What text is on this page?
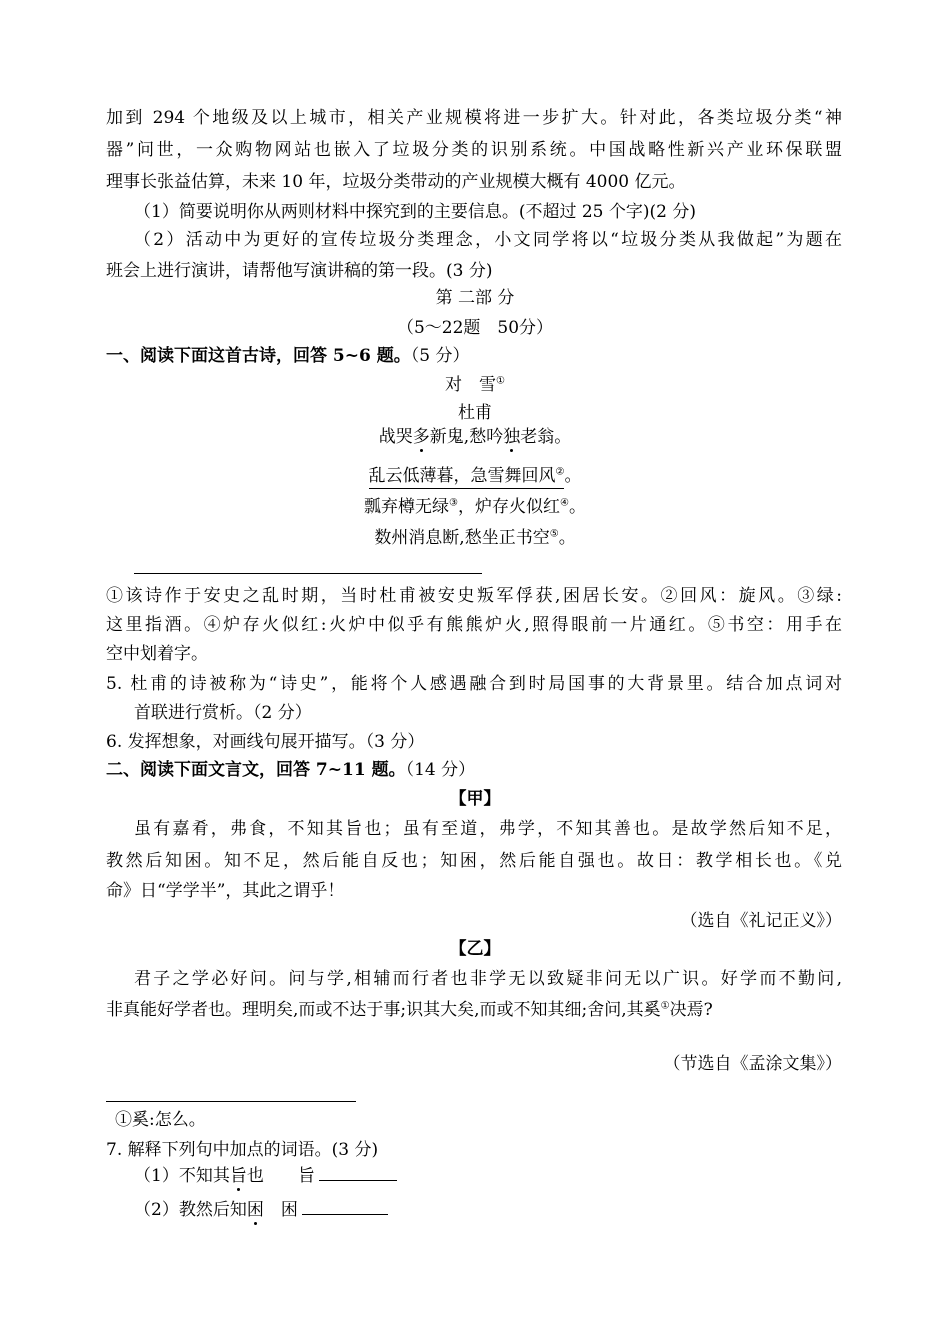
加到 294 个地级及以上城市，相关产业规模将进一步扩大。针对此，各类垃圾分类“神
器”问世，一众购物网站也嵌入了垃圾分类的识别系统。中国战略性新兴产业环保联盟
理事长张益估算，未来 10 年，垃圾分类带动的产业规模大概有 4000 亿元。
（1）简要说明你从两则材料中探究到的主要信息。(不超过 25 个字)(2 分)
（2）活动中为更好的宣传垃圾分类理念，小文同学将以“垃圾分类从我做起”为题在
班会上进行演讲，请帮他写演讲稿的第一段。(3 分)
第 二部 分
（5～22题　50分）
一、阅读下面这首古诗，回答 5~6 题。（5 分）
对　雪①
杜甫
战哭多新鬼,愁吟独老翁。
乱云低薄暮，急雪舞回风②。
瓢弃樽无绿③，炉存火似红④。
数州消息断,愁坐正书空⑤。
①该诗作于安史之乱时期，当时杜甫被安史叛军俘获,困居长安。②回风：旋风。③绿:
这里指酒。④炉存火似红:火炉中似乎有熊熊炉火,照得眼前一片通红。⑤书空：用手在
空中划着字。
5. 杜甫的诗被称为“诗史”，能将个人感遇融合到时局国事的大背景里。结合加点词对
首联进行赏析。（2 分）
6. 发挥想象，对画线句展开描写。（3 分）
二、阅读下面文言文，回答 7~11 题。（14 分）
【甲】
虽有嘉肴，弗食，不知其旨也；虽有至道，弗学，不知其善也。是故学然后知不足，
教然后知困。知不足，然后能自反也；知困，然后能自强也。故日：教学相长也。《兑
命》日“学学半”，其此之谓乎！
（选自《礼记正义》）
【乙】
君子之学必好问。问与学,相辅而行者也非学无以致疑非问无以广识。好学而不勤问,
非真能好学者也。理明矣,而或不达于事;识其大矣,而或不知其细;舍问,其奚①决焉?
（节选自《孟涂文集》）
①奚:怎么。
7. 解释下列句中加点的词语。(3 分)
（1）不知其旨也　　旨
（2）教然后知困　困
